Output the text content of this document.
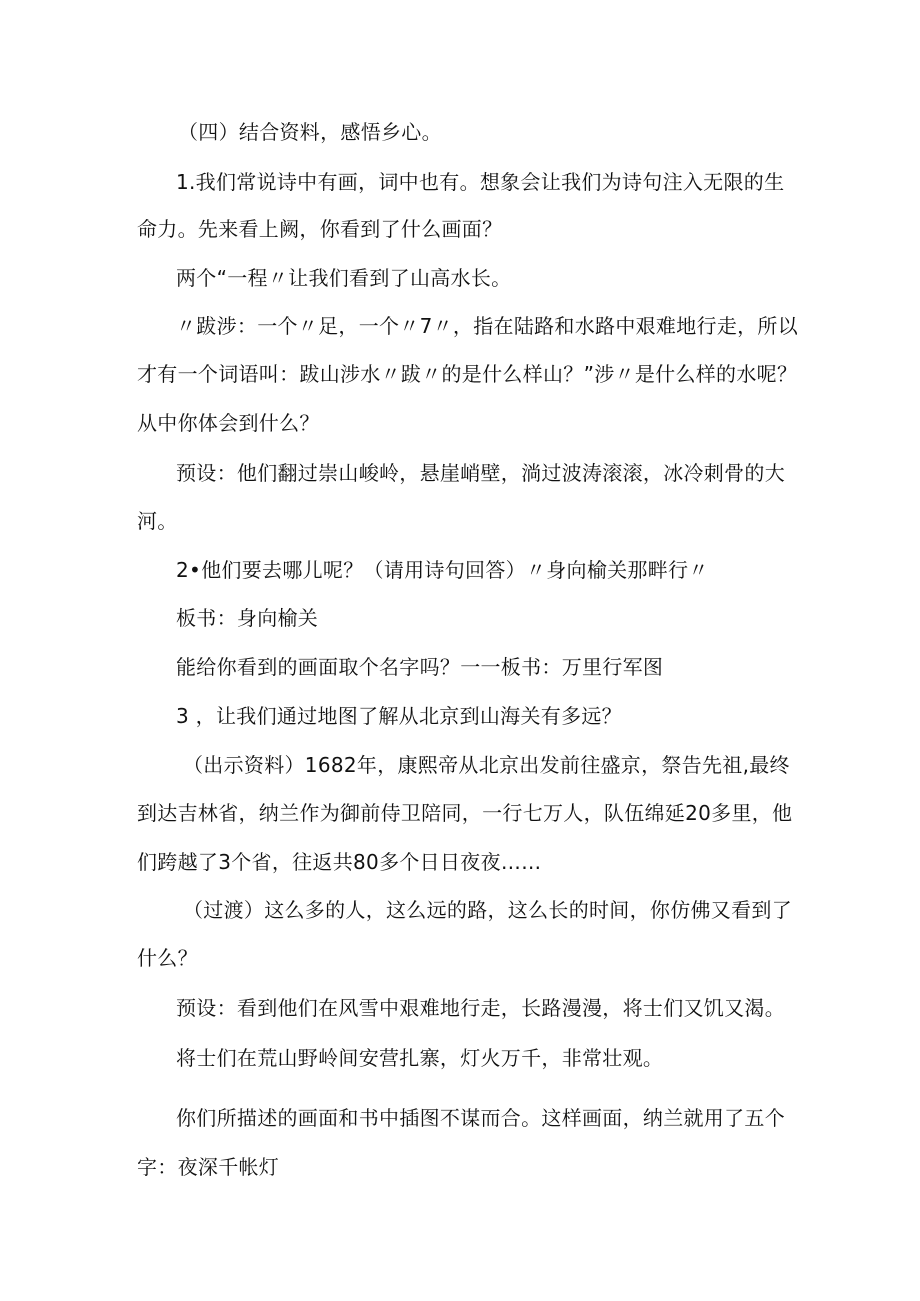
（四）结合资料，感悟乡心。
1.我们常说诗中有画，词中也有。想象会让我们为诗句注入无限的生
命力。先来看上阙，你看到了什么画面？
两个“一程〃让我们看到了山高水长。
〃跋涉：一个〃足，一个〃7〃，指在陆路和水路中艰难地行走，所以
才有一个词语叫：跋山涉水〃跋〃的是什么样山？”涉〃是什么样的水呢？
从中你体会到什么？
预设：他们翻过崇山峻岭，悬崖峭壁，淌过波涛滚滚，冰冷刺骨的大
河。
2•他们要去哪儿呢？（请用诗句回答）〃身向榆关那畔行〃
板书：身向榆关
能给你看到的画面取个名字吗？一一板书：万里行军图
3 ，让我们通过地图了解从北京到山海关有多远？
（出示资料）1682年，康熙帝从北京出发前往盛京，祭告先祖,最终
到达吉林省，纳兰作为御前侍卫陪同，一行七万人，队伍绵延20多里，他
们跨越了3个省，往返共80多个日日夜夜……
（过渡）这么多的人，这么远的路，这么长的时间，你仿佛又看到了
什么？
预设：看到他们在风雪中艰难地行走，长路漫漫，将士们又饥又渴。
将士们在荒山野岭间安营扎寨，灯火万千，非常壮观。
你们所描述的画面和书中插图不谋而合。这样画面，纳兰就用了五个
字：夜深千帐灯
